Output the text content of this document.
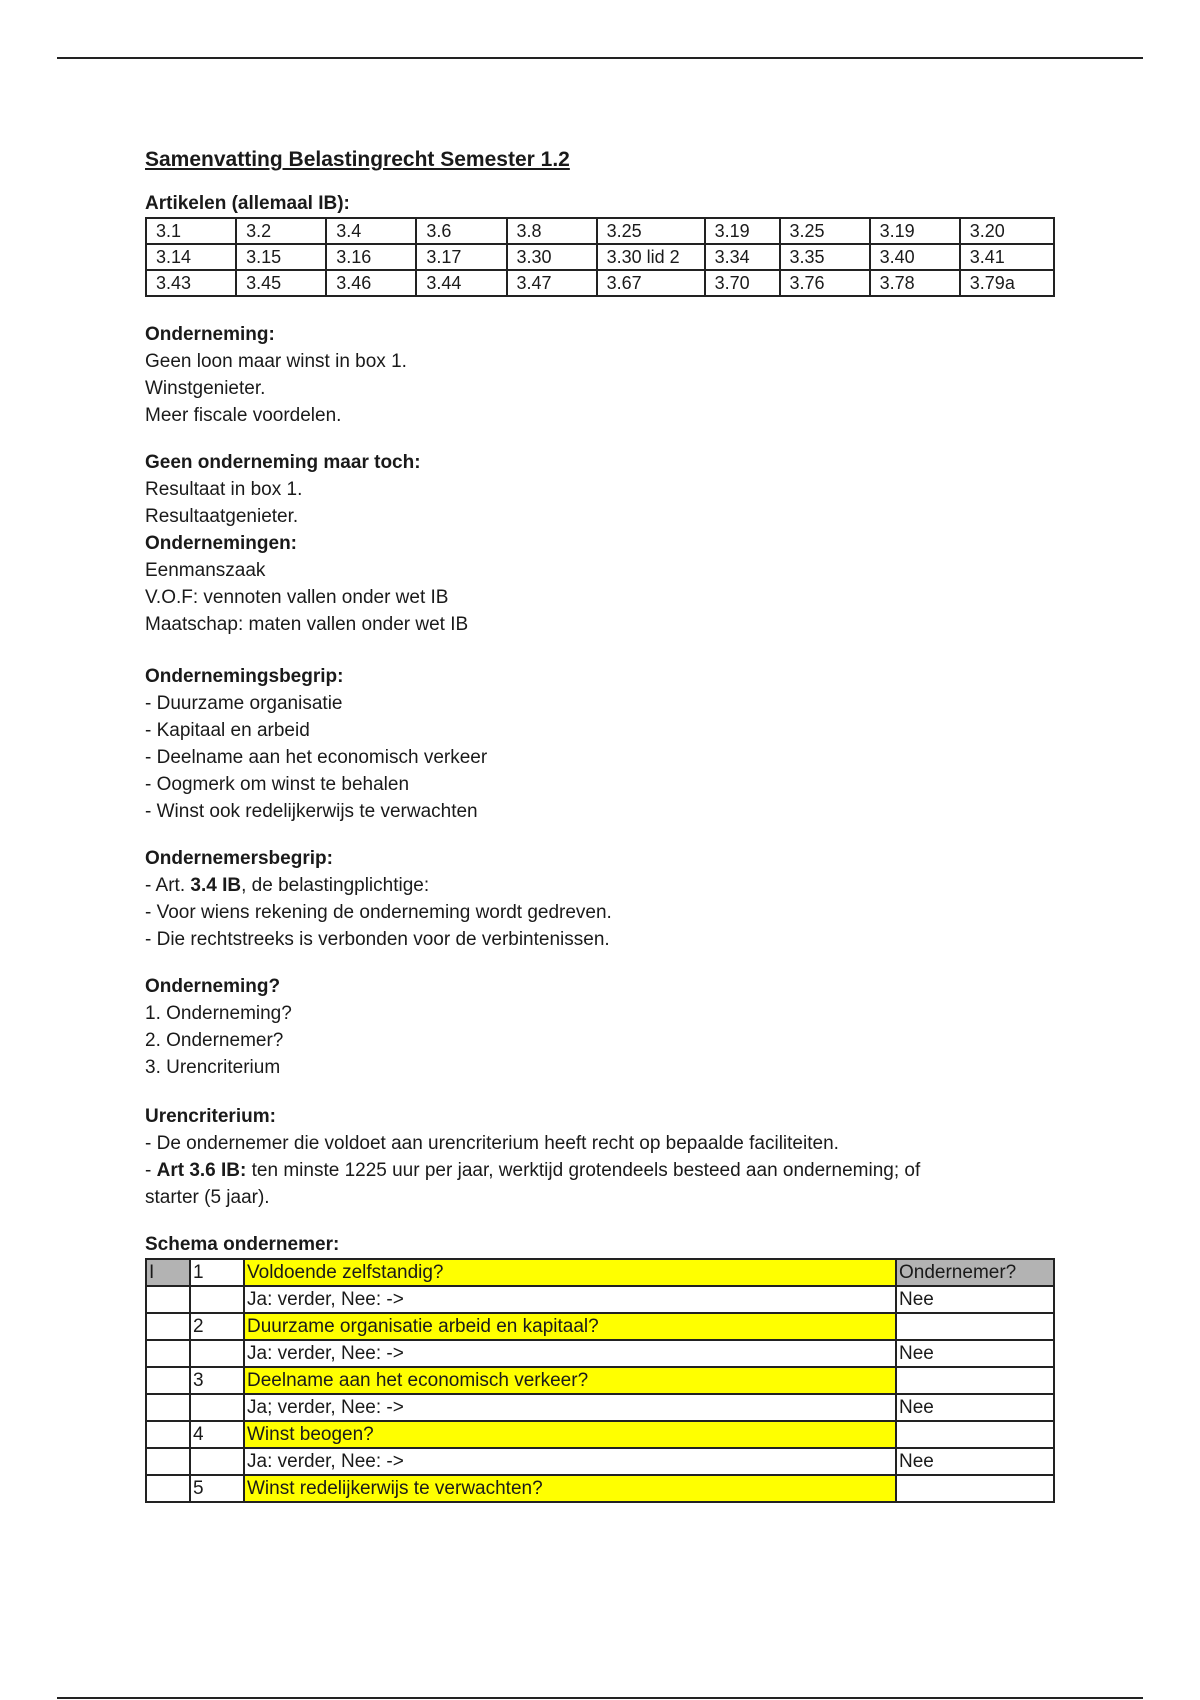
Samenvatting Belastingrecht Semester 1.2
Artikelen (allemaal IB):
3.1	3.2	3.4	3.6	3.8	3.25	3.19	3.25	3.19	3.20
3.14	3.15	3.16	3.17	3.30	3.30 lid 2	3.34	3.35	3.40	3.41
3.43	3.45	3.46	3.44	3.47	3.67	3.70	3.76	3.78	3.79a
Onderneming:
Geen loon maar winst in box 1.
Winstgenieter.
Meer fiscale voordelen.
Geen onderneming maar toch:
Resultaat in box 1.
Resultaatgenieter.
Ondernemingen:
Eenmanszaak
V.O.F: vennoten vallen onder wet IB
Maatschap: maten vallen onder wet IB
Ondernemingsbegrip:
- Duurzame organisatie
- Kapitaal en arbeid
- Deelname aan het economisch verkeer
- Oogmerk om winst te behalen
- Winst ook redelijkerwijs te verwachten
Ondernemersbegrip:
- Art. 3.4 IB, de belastingplichtige:
- Voor wiens rekening de onderneming wordt gedreven.
- Die rechtstreeks is verbonden voor de verbintenissen.
Onderneming?
1. Onderneming?
2. Ondernemer?
3. Urencriterium
Urencriterium:
- De ondernemer die voldoet aan urencriterium heeft recht op bepaalde faciliteiten.
- Art 3.6 IB: ten minste 1225 uur per jaar, werktijd grotendeels besteed aan onderneming; of
starter (5 jaar).
Schema ondernemer:
I	1	Voldoende zelfstandig?	Ondernemer?
		Ja: verder, Nee: ->	Nee
	2	Duurzame organisatie arbeid en kapitaal?	
		Ja: verder, Nee: ->	Nee
	3	Deelname aan het economisch verkeer?	
		Ja; verder, Nee: ->	Nee
	4	Winst beogen?	
		Ja: verder, Nee: ->	Nee
	5	Winst redelijkerwijs te verwachten?	
